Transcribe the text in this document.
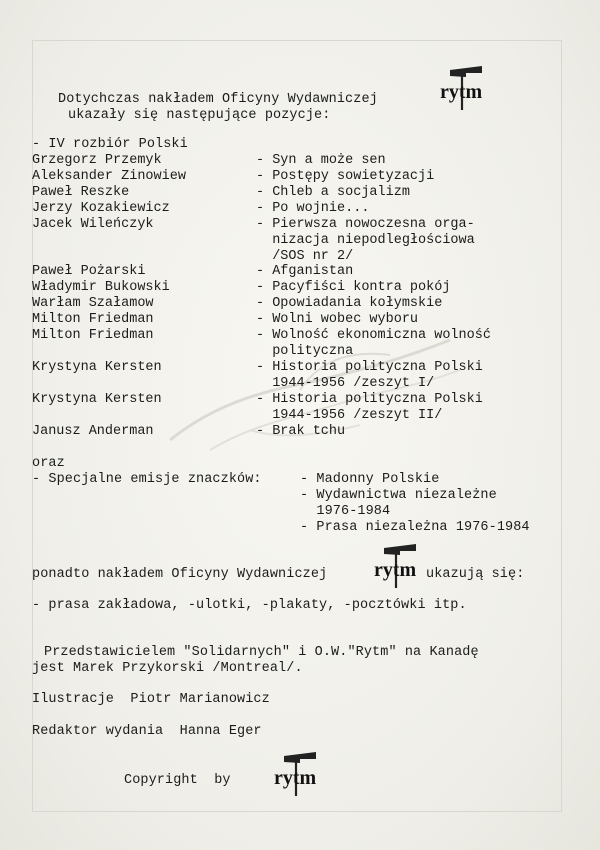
rytm
Dotychczas nakładem Oficyny Wydawniczej
ukazały się następujące pozycje:
- IV rozbiór Polski
Grzegorz Przemyk	- Syn a może sen
Aleksander Zinowiew	- Postępy sowietyzacji
Paweł Reszke	- Chleb a socjalizm
Jerzy Kozakiewicz	- Po wojnie...
Jacek Wileńczyk	- Pierwsza nowoczesna orga-
nizacja niepodległościowa
/SOS nr 2/
Paweł Pożarski	- Afganistan
Władymir Bukowski	- Pacyfiści kontra pokój
Warłam Szałamow	- Opowiadania kołymskie
Milton Friedman	- Wolni wobec wyboru
Milton Friedman	- Wolność ekonomiczna wolność
polityczna
Krystyna Kersten	- Historia polityczna Polski
1944-1956 /zeszyt I/
Krystyna Kersten	- Historia polityczna Polski
1944-1956 /zeszyt II/
Janusz Anderman	- Brak tchu
oraz
- Specjalne emisje znaczków:	- Madonny Polskie
- Wydawnictwa niezależne
1976-1984
- Prasa niezależna 1976-1984
ponadto nakładem Oficyny Wydawniczej rytm ukazują się:
- prasa zakładowa, -ulotki, -plakaty, -pocztówki itp.
Przedstawicielem "Solidarnych" i O.W."Rytm" na Kanadę
jest Marek Przykorski /Montreal/.
Ilustracje  Piotr Marianowicz
Redaktor wydania  Hanna Eger
Copyright  by rytm
